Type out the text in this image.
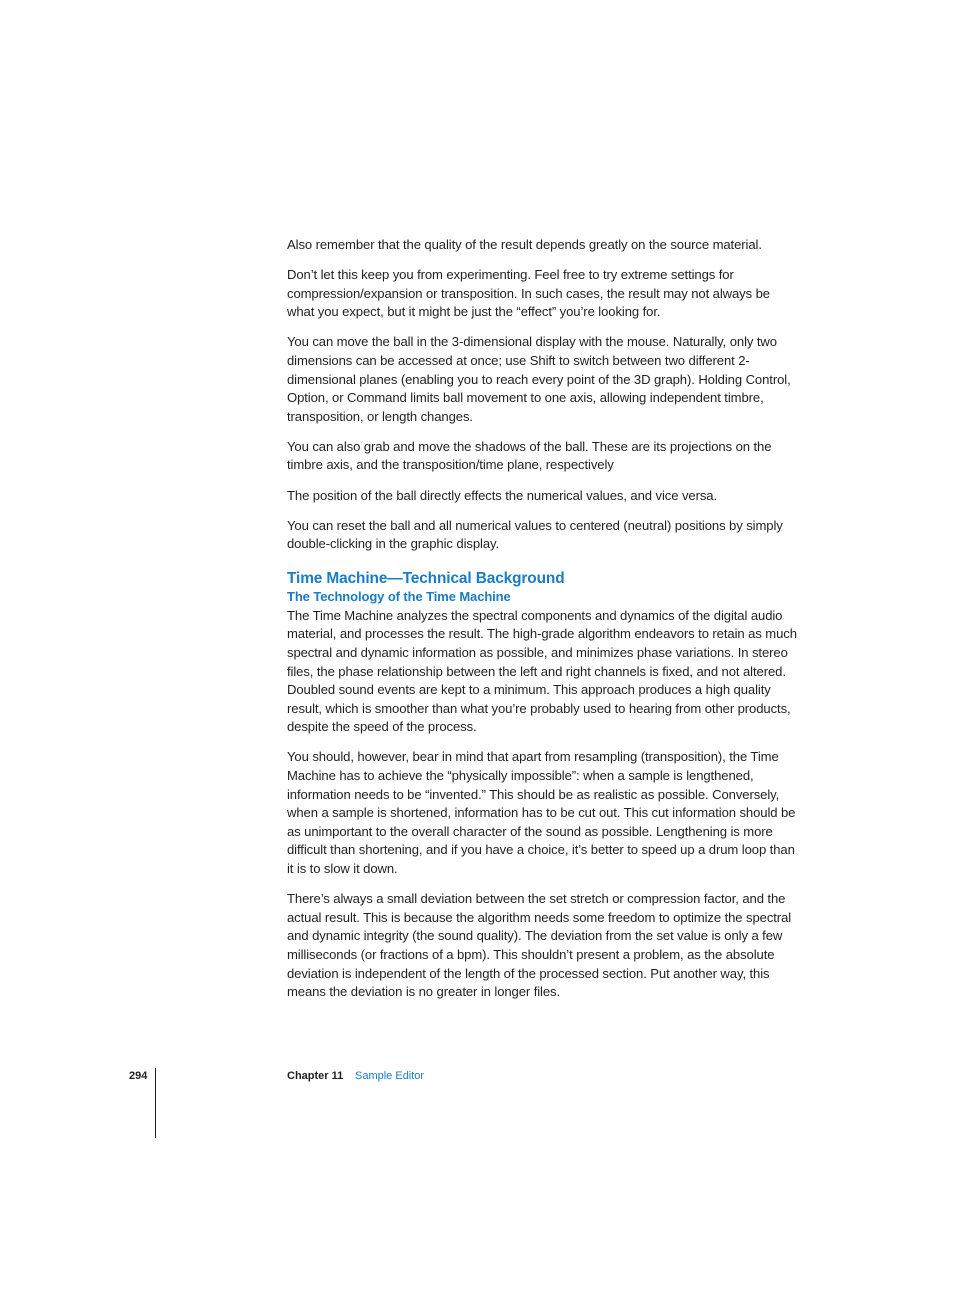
Also remember that the quality of the result depends greatly on the source material.

Don’t let this keep you from experimenting. Feel free to try extreme settings for compression/expansion or transposition. In such cases, the result may not always be what you expect, but it might be just the “effect” you’re looking for.

You can move the ball in the 3-dimensional display with the mouse. Naturally, only two dimensions can be accessed at once; use Shift to switch between two different 2-dimensional planes (enabling you to reach every point of the 3D graph). Holding Control, Option, or Command limits ball movement to one axis, allowing independent timbre, transposition, or length changes.

You can also grab and move the shadows of the ball. These are its projections on the timbre axis, and the transposition/time plane, respectively

The position of the ball directly effects the numerical values, and vice versa.

You can reset the ball and all numerical values to centered (neutral) positions by simply double-clicking in the graphic display.

Time Machine—Technical Background
The Technology of the Time Machine

The Time Machine analyzes the spectral components and dynamics of the digital audio material, and processes the result. The high-grade algorithm endeavors to retain as much spectral and dynamic information as possible, and minimizes phase variations. In stereo files, the phase relationship between the left and right channels is fixed, and not altered. Doubled sound events are kept to a minimum. This approach produces a high quality result, which is smoother than what you’re probably used to hearing from other products, despite the speed of the process.

You should, however, bear in mind that apart from resampling (transposition), the Time Machine has to achieve the “physically impossible”: when a sample is lengthened, information needs to be “invented.” This should be as realistic as possible. Conversely, when a sample is shortened, information has to be cut out. This cut information should be as unimportant to the overall character of the sound as possible. Lengthening is more difficult than shortening, and if you have a choice, it’s better to speed up a drum loop than it is to slow it down.

There’s always a small deviation between the set stretch or compression factor, and the actual result. This is because the algorithm needs some freedom to optimize the spectral and dynamic integrity (the sound quality). The deviation from the set value is only a few milliseconds (or fractions of a bpm). This shouldn’t present a problem, as the absolute deviation is independent of the length of the processed section. Put another way, this means the deviation is no greater in longer files.

294	Chapter 11 Sample Editor
